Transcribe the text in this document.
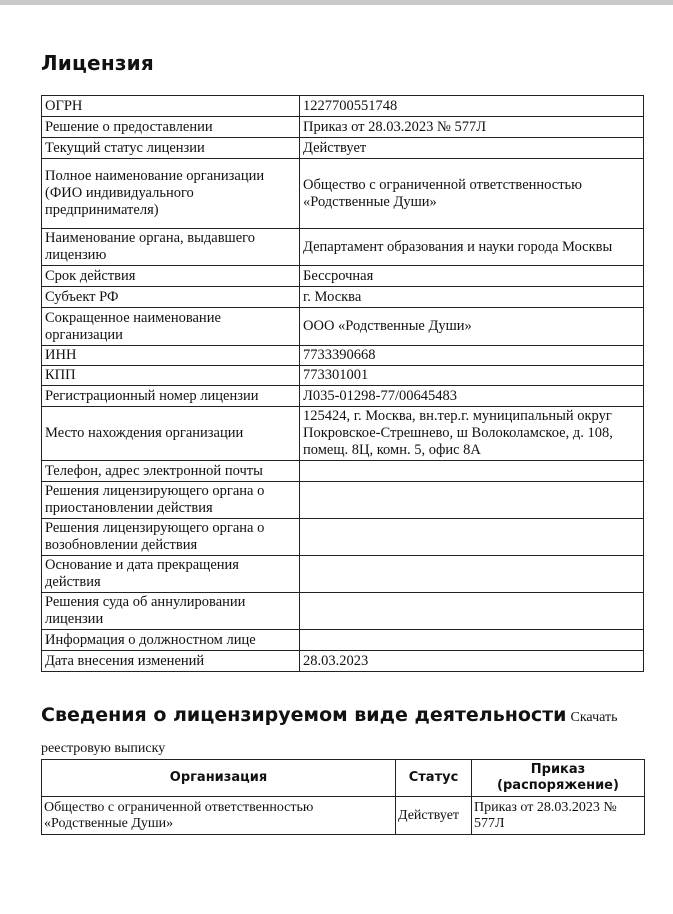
Лицензия
ОГРН	1227700551748
Решение о предоставлении	Приказ от 28.03.2023 № 577Л
Текущий статус лицензии	Действует
Полное наименование организации (ФИО индивидуального предпринимателя)	Общество с ограниченной ответственностью «Родственные Души»
Наименование органа, выдавшего лицензию	Департамент образования и науки города Москвы
Срок действия	Бессрочная
Субъект РФ	г. Москва
Сокращенное наименование организации	ООО «Родственные Души»
ИНН	7733390668
КПП	773301001
Регистрационный номер лицензии	Л035-01298-77/00645483
Место нахождения организации	125424, г. Москва, вн.тер.г. муниципальный округ Покровское-Стрешнево, ш Волоколамское, д. 108, помещ. 8Ц, комн. 5, офис 8А
Телефон, адрес электронной почты	
Решения лицензирующего органа о приостановлении действия	
Решения лицензирующего органа о возобновлении действия	
Основание и дата прекращения действия	
Решения суда об аннулировании лицензии	
Информация о должностном лице	
Дата внесения изменений	28.03.2023
Сведения о лицензируемом виде деятельности Скачать реестровую выписку
Организация	Статус	Приказ (распоряжение)
Общество с ограниченной ответственностью «Родственные Души»	Действует	Приказ от 28.03.2023 № 577Л
